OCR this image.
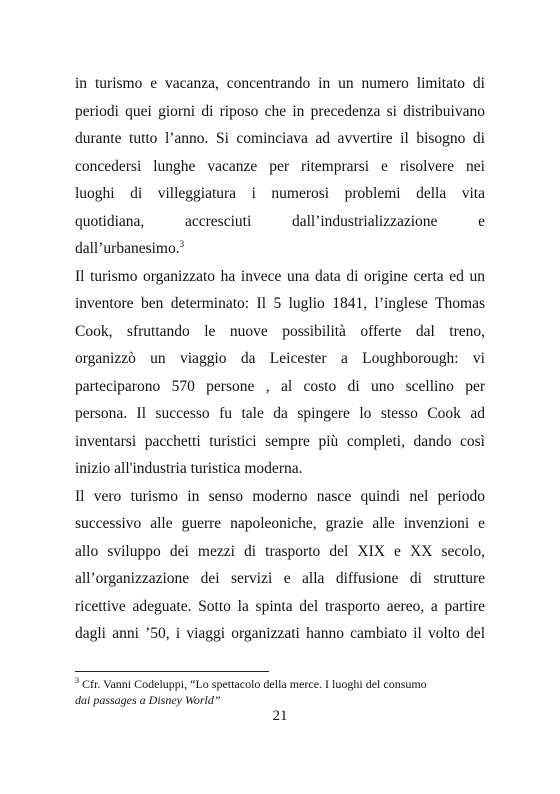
in turismo e vacanza, concentrando in un numero limitato di
periodi quei giorni di riposo che in precedenza si distribuivano
durante tutto l’anno. Si cominciava ad avvertire il bisogno di
concedersi lunghe vacanze per ritemprarsi e risolvere nei
luoghi di villeggiatura i numerosi problemi della vita
quotidiana, accresciuti dall’industrializzazione e
dall’urbanesimo.$^3$
Il turismo organizzato ha invece una data di origine certa ed un
inventore ben determinato: Il 5 luglio 1841, l’inglese Thomas
Cook, sfruttando le nuove possibilità offerte dal treno,
organizzò un viaggio da Leicester a Loughborough: vi
parteciparono 570 persone , al costo di uno scellino per
persona. Il successo fu tale da spingere lo stesso Cook ad
inventarsi pacchetti turistici sempre più completi, dando così
inizio all'industria turistica moderna.
Il vero turismo in senso moderno nasce quindi nel periodo
successivo alle guerre napoleoniche, grazie alle invenzioni e
allo sviluppo dei mezzi di trasporto del XIX e XX secolo,
all’organizzazione dei servizi e alla diffusione di strutture
ricettive adeguate. Sotto la spinta del trasporto aereo, a partire
dagli anni ’50, i viaggi organizzati hanno cambiato il volto del
$^3$ Cfr. Vanni Codeluppi, “Lo spettacolo della merce. I luoghi del consumo
dai passages a Disney World”
21
